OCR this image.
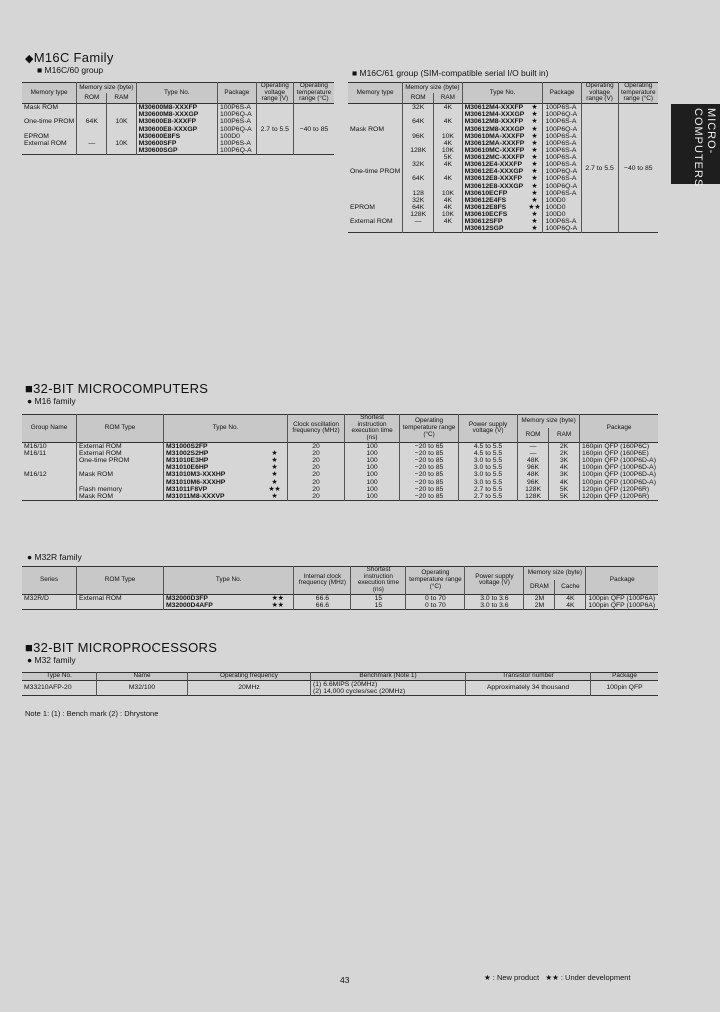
MICRO-
COMPUTERS
◆M16C Family
■ M16C/60 group
Memory type	Memory size (byte)		Type No.	Package	Operating voltage range (V)	Operating temperature range (°C)
	ROM	RAM				
Mask ROM			M30600M8-XXXFP	100P6S-A	2.7 to 5.5	−40 to 85
			M30600M8-XXXGP	100P6Q-A		
One-time PROM	64K	10K	M30600E8-XXXFP	100P6S-A		
			M30600E8-XXXGP	100P6Q-A		
EPROM			M30600E8FS	100D0		
External ROM	—	10K	M30600SFP	100P6S-A		
			M30600SGP	100P6Q-A		
■ M16C/61 group (SIM-compatible serial I/O built in)
Memory type	Memory size (byte)		Type No.		Package	Operating voltage range (V)	Operating temperature range (°C)
	ROM	RAM					
	32K	4K	M30612M4-XXXFP	★	100P6S-A	2.7 to 5.5	−40 to 85
			M30612M4-XXXGP	★	100P6Q-A		
	64K	4K	M30612M8-XXXFP	★	100P6S-A		
Mask ROM			M30612M8-XXXGP	★	100P6Q-A		
	96K	10K	M30610MA-XXXFP	★	100P6S-A		
		4K	M30612MA-XXXFP	★	100P6S-A		
	128K	10K	M30610MC-XXXFP	★	100P6S-A		
		5K	M30612MC-XXXFP	★	100P6S-A		
	32K	4K	M30612E4-XXXFP	★	100P6S-A		
One-time PROM			M30612E4-XXXGP	★	100P6Q-A		
	64K	4K	M30612E8-XXXFP	★	100P6S-A		
			M30612E8-XXXGP	★	100P6Q-A		
	128	10K	M30610ECFP	★	100P6S-A		
	32K	4K	M30612E4FS	★	100D0		
EPROM	64K	4K	M30612E8FS	★★	100D0		
	128K	10K	M30610ECFS	★	100D0		
External ROM	—	4K	M30612SFP	★	100P6S-A		
			M30612SGP	★	100P6Q-A		
■32-BIT MICROCOMPUTERS
● M16 family
Group Name	ROM Type	Type No.		Clock oscillation frequency (MHz)	Shortest instruction execution time (ns)	Operating temperature range (°C)	Power supply voltage (V)	Memory size (byte)		Package
								ROM	RAM	
M16/10	External ROM	M31000S2FP		20	100	−20 to 65	4.5 to 5.5	—	2K	160pin QFP (160P6C)
M16/11	External ROM	M31002S2HP	★	20	100	−20 to 85	4.5 to 5.5	—	2K	160pin QFP (160P6E)
	One-time PROM	M31010E3HP	★	20	100	−20 to 85	3.0 to 5.5	48K	3K	100pin QFP (100P6D-A)
		M31010E6HP	★	20	100	−20 to 85	3.0 to 5.5	96K	4K	100pin QFP (100P6D-A)
M16/12	Mask ROM	M31010M3-XXXHP	★	20	100	−20 to 85	3.0 to 5.5	48K	3K	100pin QFP (100P6D-A)
		M31010M6-XXXHP	★	20	100	−20 to 85	3.0 to 5.5	96K	4K	100pin QFP (100P6D-A)
	Flash memory	M31011F8VP	★★	20	100	−20 to 85	2.7 to 5.5	128K	5K	120pin QFP (120P6R)
	Mask ROM	M31011M8-XXXVP	★	20	100	−20 to 85	2.7 to 5.5	128K	5K	120pin QFP (120P6R)
● M32R family
Series	ROM Type	Type No.		Internal clock frequency (MHz)	Shortest instruction execution time (ns)	Operating temperature range (°C)	Power supply voltage (V)	Memory size (byte)		Package
								DRAM	Cache	
M32R/D	External ROM	M32000D3FP	★★	66.6	15	0 to 70	3.0 to 3.6	2M	4K	100pin QFP (100P6A)
		M32000D4AFP	★★	66.6	15	0 to 70	3.0 to 3.6	2M	4K	100pin QFP (100P6A)
■32-BIT MICROPROCESSORS
● M32 family
Type No.	Name	Operating frequency	Benchmark (Note 1)	Transistor number	Package
M33210AFP-20	M32/100	20MHz	(1) 6.6MIPS (20MHz)
(2) 14,000 cycles/sec (20MHz)	Approximately 34 thousand	100pin QFP
Note 1: (1) : Bench mark (2) : Dhrystone
43	★ : New product ★★ : Under development
